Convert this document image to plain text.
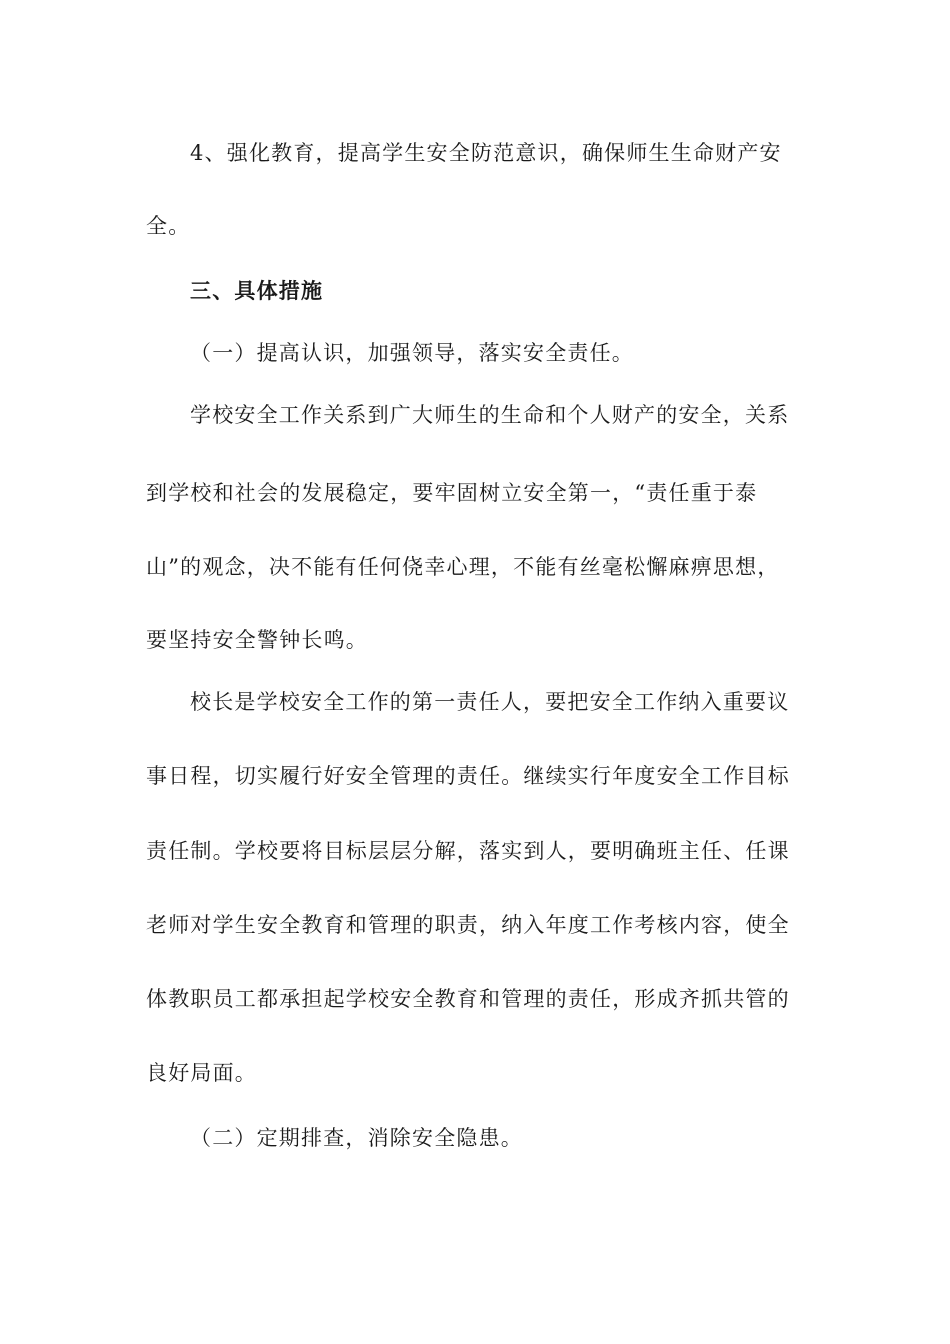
4、强化教育，提高学生安全防范意识，确保师生生命财产安
全。
三、具体措施
（一）提高认识，加强领导，落实安全责任。
学校安全工作关系到广大师生的生命和个人财产的安全，关系
到学校和社会的发展稳定，要牢固树立安全第一，“责任重于泰
山”的观念，决不能有任何侥幸心理，不能有丝毫松懈麻痹思想，
要坚持安全警钟长鸣。
校长是学校安全工作的第一责任人，要把安全工作纳入重要议
事日程，切实履行好安全管理的责任。继续实行年度安全工作目标
责任制。学校要将目标层层分解，落实到人，要明确班主任、任课
老师对学生安全教育和管理的职责，纳入年度工作考核内容，使全
体教职员工都承担起学校安全教育和管理的责任，形成齐抓共管的
良好局面。
（二）定期排查，消除安全隐患。
